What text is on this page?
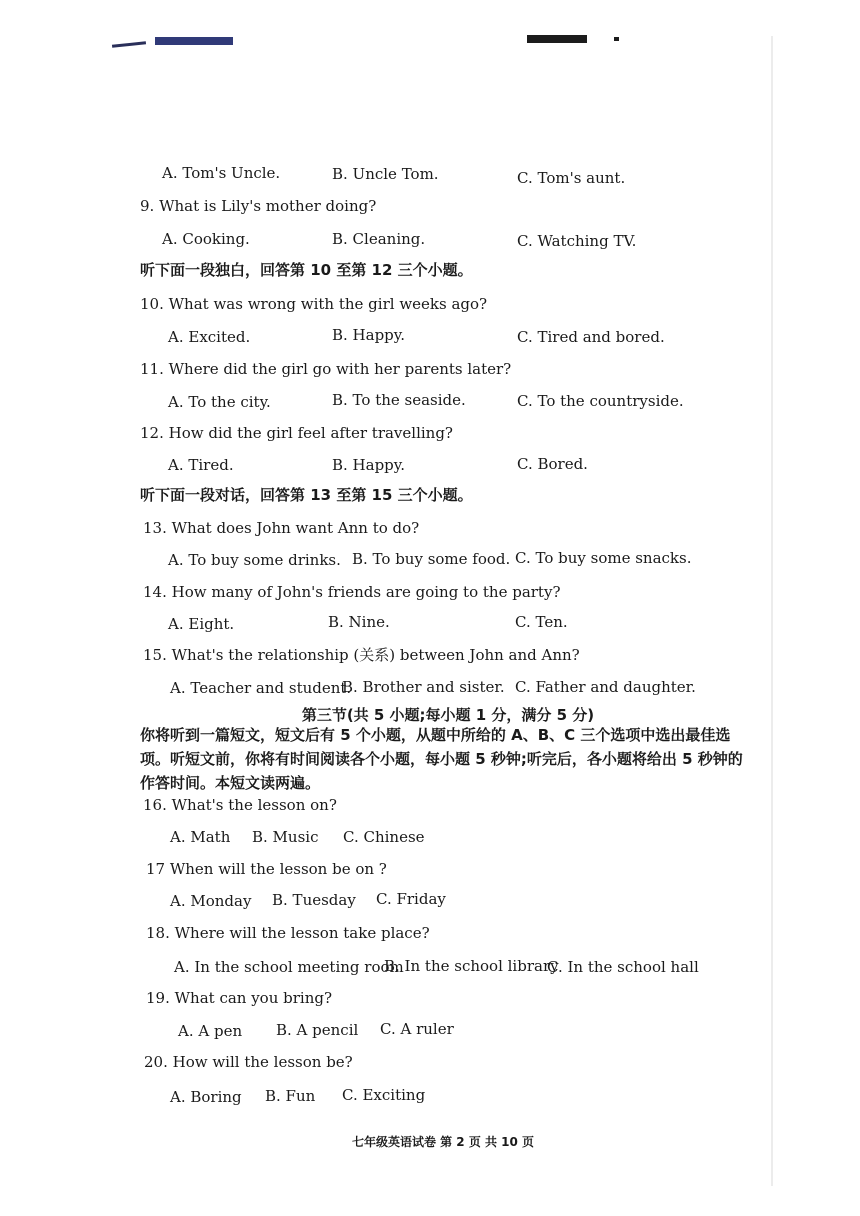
A. Tom's Uncle.	B. Uncle Tom.	C. Tom's aunt.
9. What is Lily's mother doing?
A. Cooking.	B. Cleaning.	C. Watching TV.
听下面一段独白，回答第 10 至第 12 三个小题。
10. What was wrong with the girl weeks ago?
A. Excited.	B. Happy.	C. Tired and bored.
11. Where did the girl go with her parents later?
A. To the city.	B. To the seaside.	C. To the countryside.
12. How did the girl feel after travelling?
A. Tired.	B. Happy.	C. Bored.
听下面一段对话，回答第 13 至第 15 三个小题。
13. What does John want Ann to do?
A. To buy some drinks. B. To buy some food. C. To buy some snacks.
14. How many of John's friends are going to the party?
A. Eight.	B. Nine.	C. Ten.
15. What's the relationship (关系) between John and Ann?
A. Teacher and student.
B. Brother and sister. C. Father and daughter.
第三节(共 5 小题;每小题 1 分，满分 5 分)
你将听到一篇短文，短文后有 5 个小题，从题中所给的 A、B、C 三个选项中选出最佳选项。听短文前，你将有时间阅读各个小题，每小题 5 秒钟;听完后，各小题将给出 5 秒钟的作答时间。本短文读两遍。
16. What's the lesson on?
A. Math B. Music C. Chinese
17 When will the lesson be on ?
A. Monday B. Tuesday C. Friday
18. Where will the lesson take place?
A. In the school meeting room
B. In the school library
C. In the school hall
19. What can you bring?
A. A pen B. A pencil C. A ruler
20. How will the lesson be?
A. Boring B. Fun C. Exciting
七年级英语试卷 第 2 页 共 10 页
